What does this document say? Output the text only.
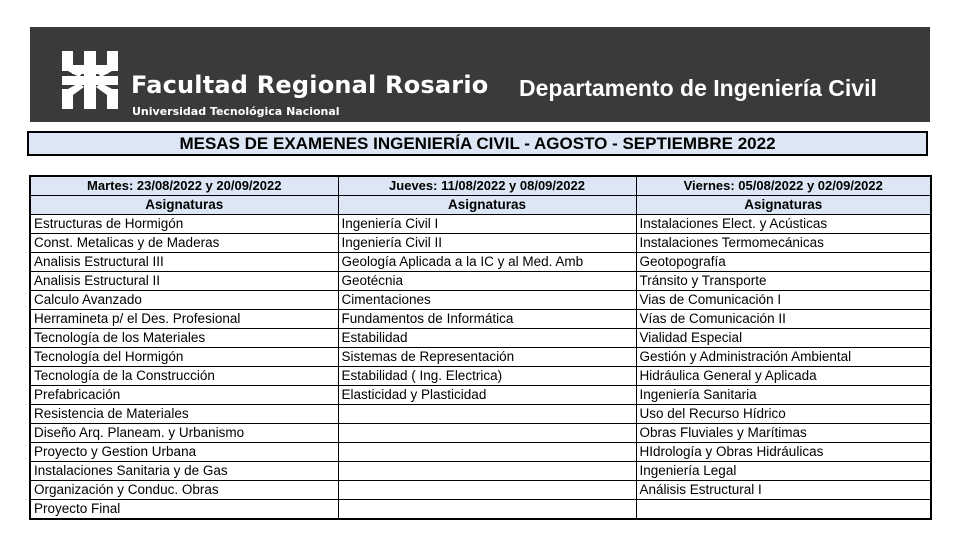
Facultad Regional Rosario
Universidad Tecnológica Nacional
Departamento de Ingeniería Civil
MESAS DE EXAMENES INGENIERÍA CIVIL - AGOSTO - SEPTIEMBRE 2022
Martes: 23/08/2022 y 20/09/2022	Jueves: 11/08/2022 y 08/09/2022	Viernes: 05/08/2022 y 02/09/2022
Asignaturas	Asignaturas	Asignaturas
Estructuras de Hormigón	Ingeniería Civil I	Instalaciones Elect. y Acústicas
Const. Metalicas y de Maderas	Ingeniería Civil II	Instalaciones Termomecánicas
Analisis Estructural III	Geología Aplicada a la IC y al Med. Amb	Geotopografía
Analisis Estructural II	Geotécnia	Tránsito y Transporte
Calculo Avanzado	Cimentaciones	Vias de Comunicación I
Herramineta p/ el Des. Profesional	Fundamentos de Informática	Vías de Comunicación II
Tecnología de los Materiales	Estabilidad	Vialidad Especial
Tecnología del Hormigón	Sistemas de Representación	Gestión y Administración Ambiental
Tecnología de la Construcción	Estabilidad ( Ing. Electrica)	Hidráulica General y Aplicada
Prefabricación	Elasticidad y Plasticidad	Ingeniería Sanitaria
Resistencia de Materiales		Uso del Recurso Hídrico
Diseño Arq. Planeam. y Urbanismo		Obras Fluviales y Marítimas
Proyecto y Gestion Urbana		HIdrología y Obras Hidráulicas
Instalaciones Sanitaria y de Gas		Ingeniería Legal
Organización y Conduc. Obras		Análisis Estructural I
Proyecto Final		
